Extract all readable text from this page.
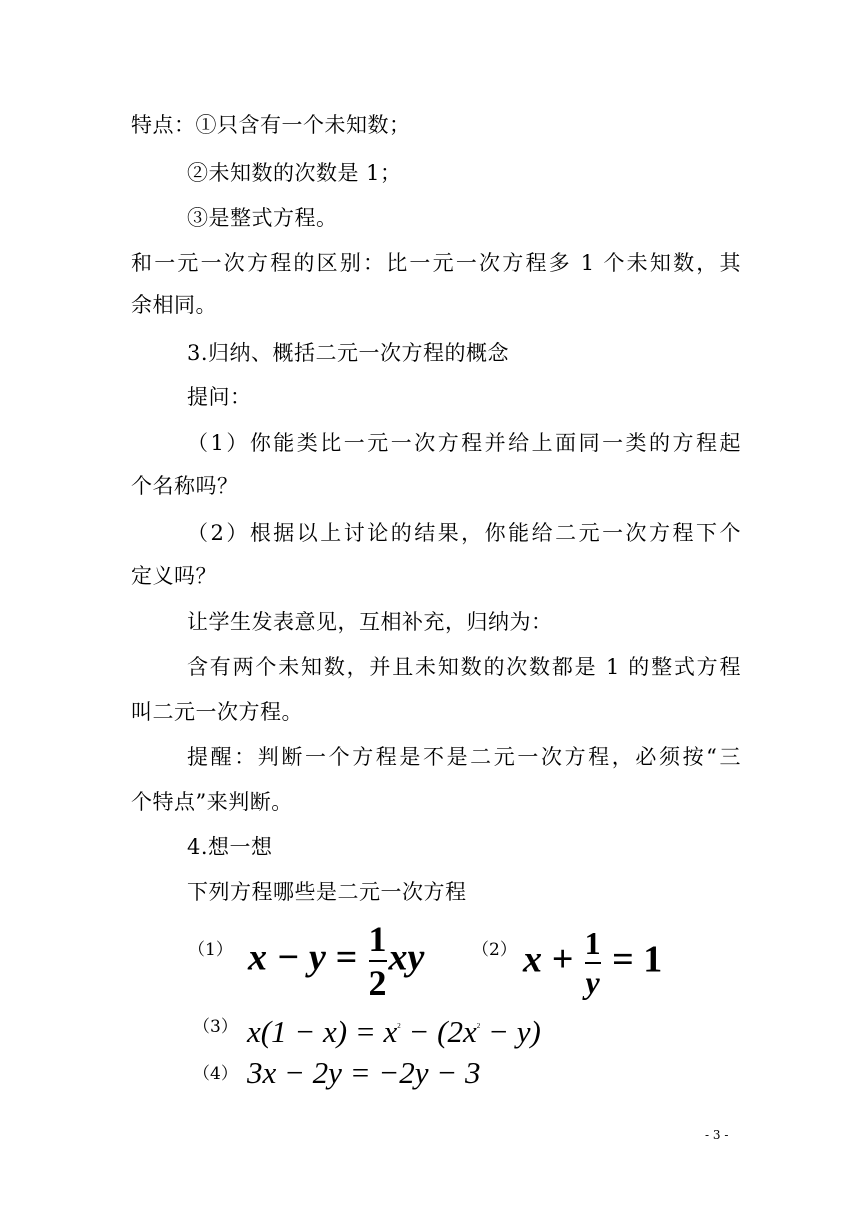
特点：①只含有一个未知数；
②未知数的次数是 1；
③是整式方程。
和一元一次方程的区别：比一元一次方程多 1 个未知数，其
余相同。
3.归纳、概括二元一次方程的概念
提问：
（1）你能类比一元一次方程并给上面同一类的方程起
个名称吗？
（2）根据以上讨论的结果，你能给二元一次方程下个
定义吗？
让学生发表意见，互相补充，归纳为：
含有两个未知数，并且未知数的次数都是 1 的整式方程
叫二元一次方程。
提醒：判断一个方程是不是二元一次方程，必须按“三
个特点”来判断。
4.想一想
下列方程哪些是二元一次方程
（1） $x - y = \frac{1}{2}$ xy	（2） $x + \frac{1}{y} = 1$
（3） $x(1 - x) = x^2 - (2x^2 - y)$
（4） 3x − 2y = −2y − 3
- 3 -
